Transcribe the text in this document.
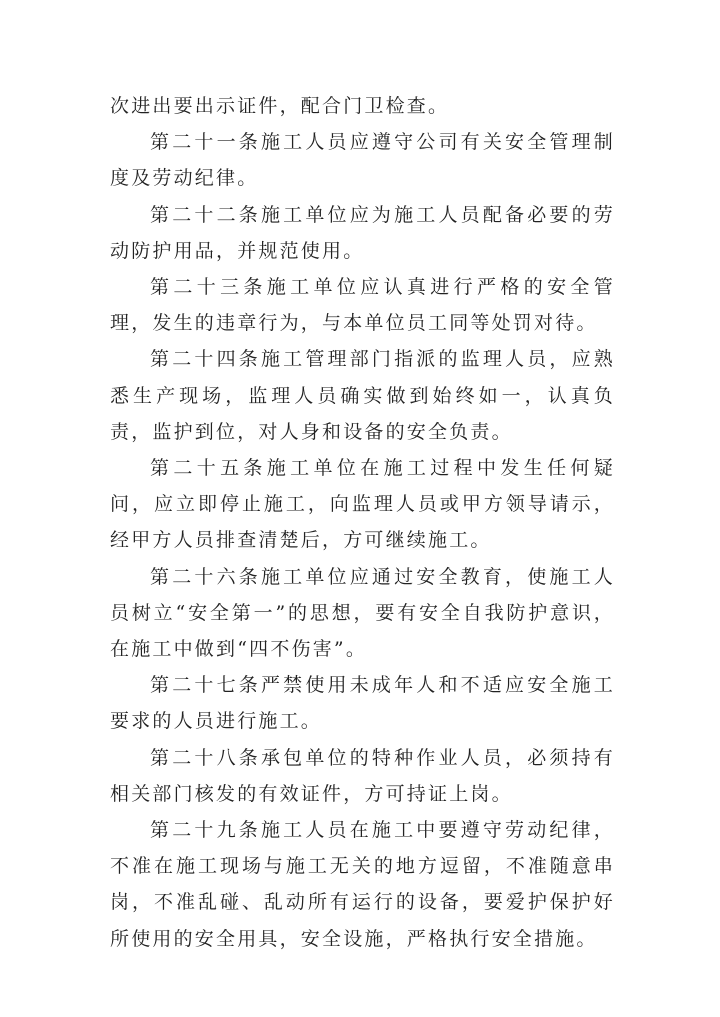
次进出要出示证件，配合门卫检查。

第二十一条施工人员应遵守公司有关安全管理制度及劳动纪律。

第二十二条施工单位应为施工人员配备必要的劳动防护用品，并规范使用。

第二十三条施工单位应认真进行严格的安全管理，发生的违章行为，与本单位员工同等处罚对待。

第二十四条施工管理部门指派的监理人员，应熟悉生产现场，监理人员确实做到始终如一，认真负责，监护到位，对人身和设备的安全负责。

第二十五条施工单位在施工过程中发生任何疑问，应立即停止施工，向监理人员或甲方领导请示，经甲方人员排查清楚后，方可继续施工。

第二十六条施工单位应通过安全教育，使施工人员树立“安全第一”的思想，要有安全自我防护意识，在施工中做到“四不伤害”。

第二十七条严禁使用未成年人和不适应安全施工要求的人员进行施工。

第二十八条承包单位的特种作业人员，必须持有相关部门核发的有效证件，方可持证上岗。

第二十九条施工人员在施工中要遵守劳动纪律，不准在施工现场与施工无关的地方逗留，不准随意串岗，不准乱碰、乱动所有运行的设备，要爱护保护好所使用的安全用具，安全设施，严格执行安全措施。
